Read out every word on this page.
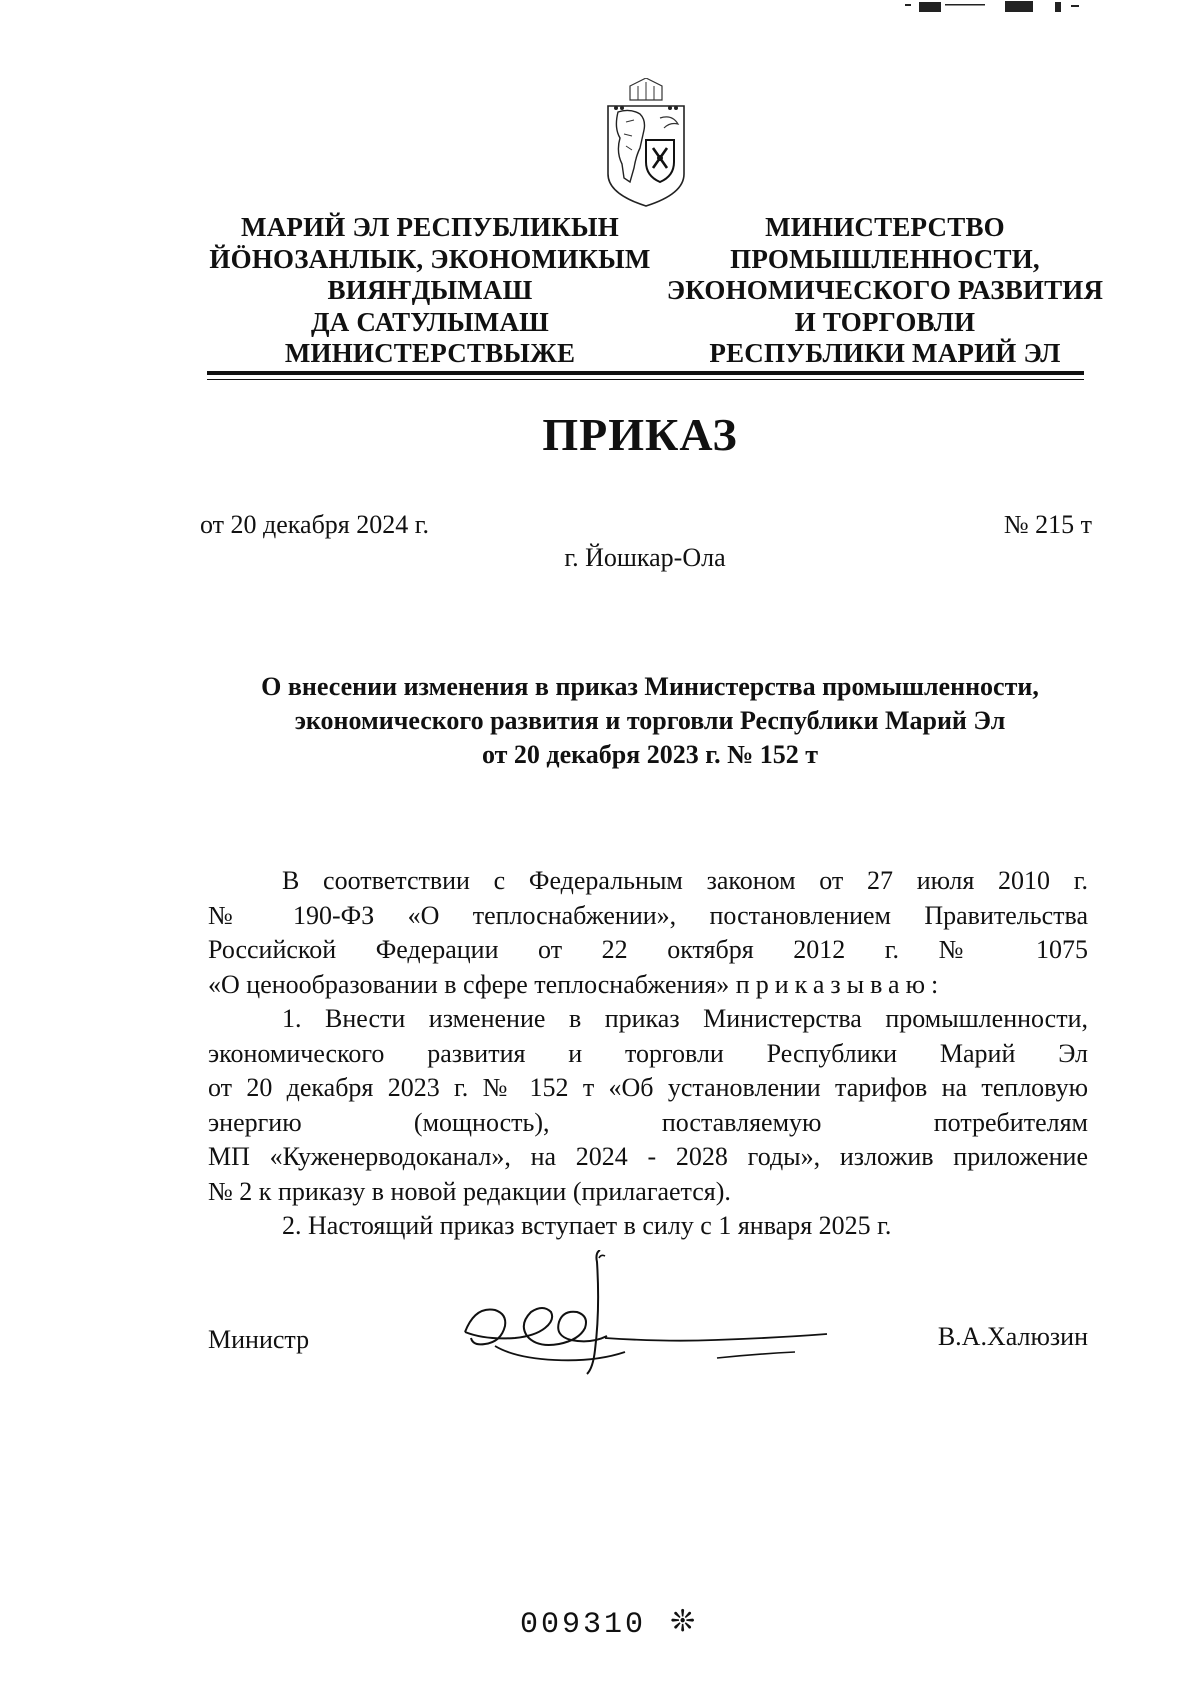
МАРИЙ ЭЛ РЕСПУБЛИКЫН
ЙӦНОЗАНЛЫК, ЭКОНОМИКЫМ
ВИЯҤДЫМАШ
ДА САТУЛЫМАШ
МИНИСТЕРСТВЫЖЕ
МИНИСТЕРСТВО
ПРОМЫШЛЕННОСТИ,
ЭКОНОМИЧЕСКОГО РАЗВИТИЯ
И ТОРГОВЛИ
РЕСПУБЛИКИ МАРИЙ ЭЛ
ПРИКАЗ
от 20 декабря 2024 г.	№ 215 т
г. Йошкар-Ола
О внесении изменения в приказ Министерства промышленности,
экономического развития и торговли Республики Марий Эл
от 20 декабря 2023 г. № 152 т
В соответствии с Федеральным законом от 27 июля 2010 г.
№ 190-ФЗ «О теплоснабжении», постановлением Правительства
Российской Федерации от 22 октября 2012 г. № 1075
«О ценообразовании в сфере теплоснабжения» приказываю:
1. Внести изменение в приказ Министерства промышленности,
экономического развития и торговли Республики Марий Эл
от 20 декабря 2023 г. № 152 т «Об установлении тарифов на тепловую
энергию (мощность), поставляемую потребителям
МП «Куженерводоканал», на 2024 - 2028 годы», изложив приложение
№ 2 к приказу в новой редакции (прилагается).
2. Настоящий приказ вступает в силу с 1 января 2025 г.
Министр	В.А.Халюзин
009310 ❊
